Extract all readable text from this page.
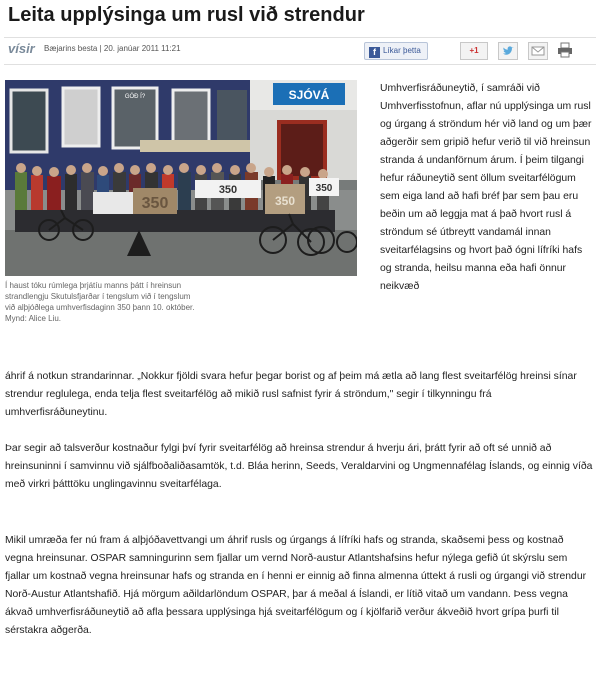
Leita upplýsinga um rusl við strendur
vísir Bæjarins besta | 20. janúar 2011 11:21	f Líkar þetta	+1
SJÓVÁ
GÓÐ Í?
350
350
350
350
Í haust tóku rúmlega þrjátíu manns þátt í hreinsun strandlengju Skutulsfjarðar í tengslum við í tengslum við alþjóðlega umhverfisdaginn 350 þann 10. október. Mynd: Alice Liu.

Umhverfisráðuneytið, í samráði við Umhverfisstofnun, aflar nú upplýsinga um rusl og úrgang á ströndum hér við land og um þær aðgerðir sem gripið hefur verið til við hreinsun stranda á undanförnum árum. Í þeim tilgangi hefur ráðuneytið sent öllum sveitarfélögum sem eiga land að hafi bréf þar sem þau eru beðin um að leggja mat á það hvort rusl á ströndum sé útbreytt vandamál innan sveitarfélagsins og hvort það ógni lífríki hafs og stranda, heilsu manna eða hafi önnur neikvæð

áhrif á notkun strandarinnar. „Nokkur fjöldi svara hefur þegar borist og af þeim má ætla að lang flest sveitarfélög hreinsi sínar strendur reglulega, enda telja flest sveitarfélög að mikið rusl safnist fyrir á ströndum," segir í tilkynningu frá umhverfisráðuneytinu.

Þar segir að talsverður kostnaður fylgi því fyrir sveitarfélög að hreinsa strendur á hverju ári, þrátt fyrir að oft sé unnið að hreinsuninni í samvinnu við sjálfboðaliðasamtök, t.d. Bláa herinn, Seeds, Veraldarvini og Ungmennafélag Íslands, og einnig víða með virkri þátttöku unglingavinnu sveitarfélaga.

Mikil umræða fer nú fram á alþjóðavettvangi um áhrif rusls og úrgangs á lífríki hafs og stranda, skaðsemi þess og kostnað vegna hreinsunar. OSPAR samningurinn sem fjallar um vernd Norð-austur Atlantshafsins hefur nýlega gefið út skýrslu sem fjallar um kostnað vegna hreinsunar hafs og stranda en í henni er einnig að finna almenna úttekt á rusli og úrgangi við strendur Norð-Austur Atlantshafið. Hjá mörgum aðildarlöndum OSPAR, þar á meðal á Íslandi, er lítið vitað um vandann. Þess vegna ákvað umhverfisráðuneytið að afla þessara upplýsinga hjá sveitarfélögum og í kjölfarið verður ákveðið hvort grípa þurfi til sérstakra aðgerða.
